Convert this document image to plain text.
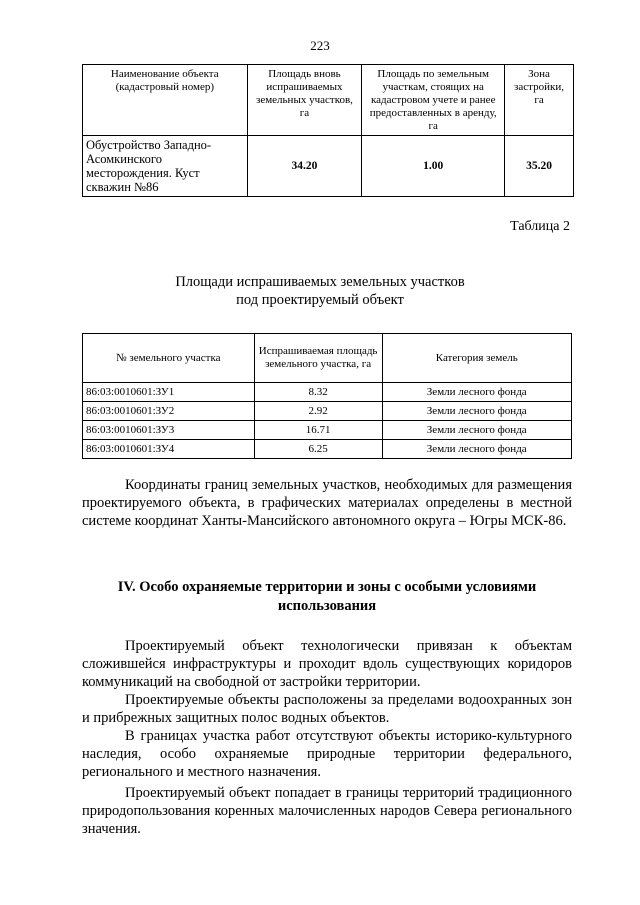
223
Наименование объекта (кадастровый номер)	Площадь вновь испрашиваемых земельных участков, га	Площадь по земельным участкам, стоящих на кадастровом учете и ранее предоставленных в аренду, га	Зона застройки, га
Обустройство Западно-Асомкинского месторождения. Куст скважин №86	34.20	1.00	35.20
Таблица 2
Площади испрашиваемых земельных участков
под проектируемый объект
№ земельного участка	Испрашиваемая площадь земельного участка, га	Категория земель
86:03:0010601:ЗУ1	8.32	Земли лесного фонда
86:03:0010601:ЗУ2	2.92	Земли лесного фонда
86:03:0010601:ЗУ3	16.71	Земли лесного фонда
86:03:0010601:ЗУ4	6.25	Земли лесного фонда

Координаты границ земельных участков, необходимых для размещения проектируемого объекта, в графических материалах определены в местной системе координат Ханты-Мансийского автономного округа – Югры МСК-86.

IV. Особо охраняемые территории и зоны с особыми условиями использования

Проектируемый объект технологически привязан к объектам сложившейся инфраструктуры и проходит вдоль существующих коридоров коммуникаций на свободной от застройки территории.

Проектируемые объекты расположены за пределами водоохранных зон и прибрежных защитных полос водных объектов.

В границах участка работ отсутствуют объекты историко-культурного наследия, особо охраняемые природные территории федерального, регионального и местного назначения.

Проектируемый объект попадает в границы территорий традиционного природопользования коренных малочисленных народов Севера регионального значения.
